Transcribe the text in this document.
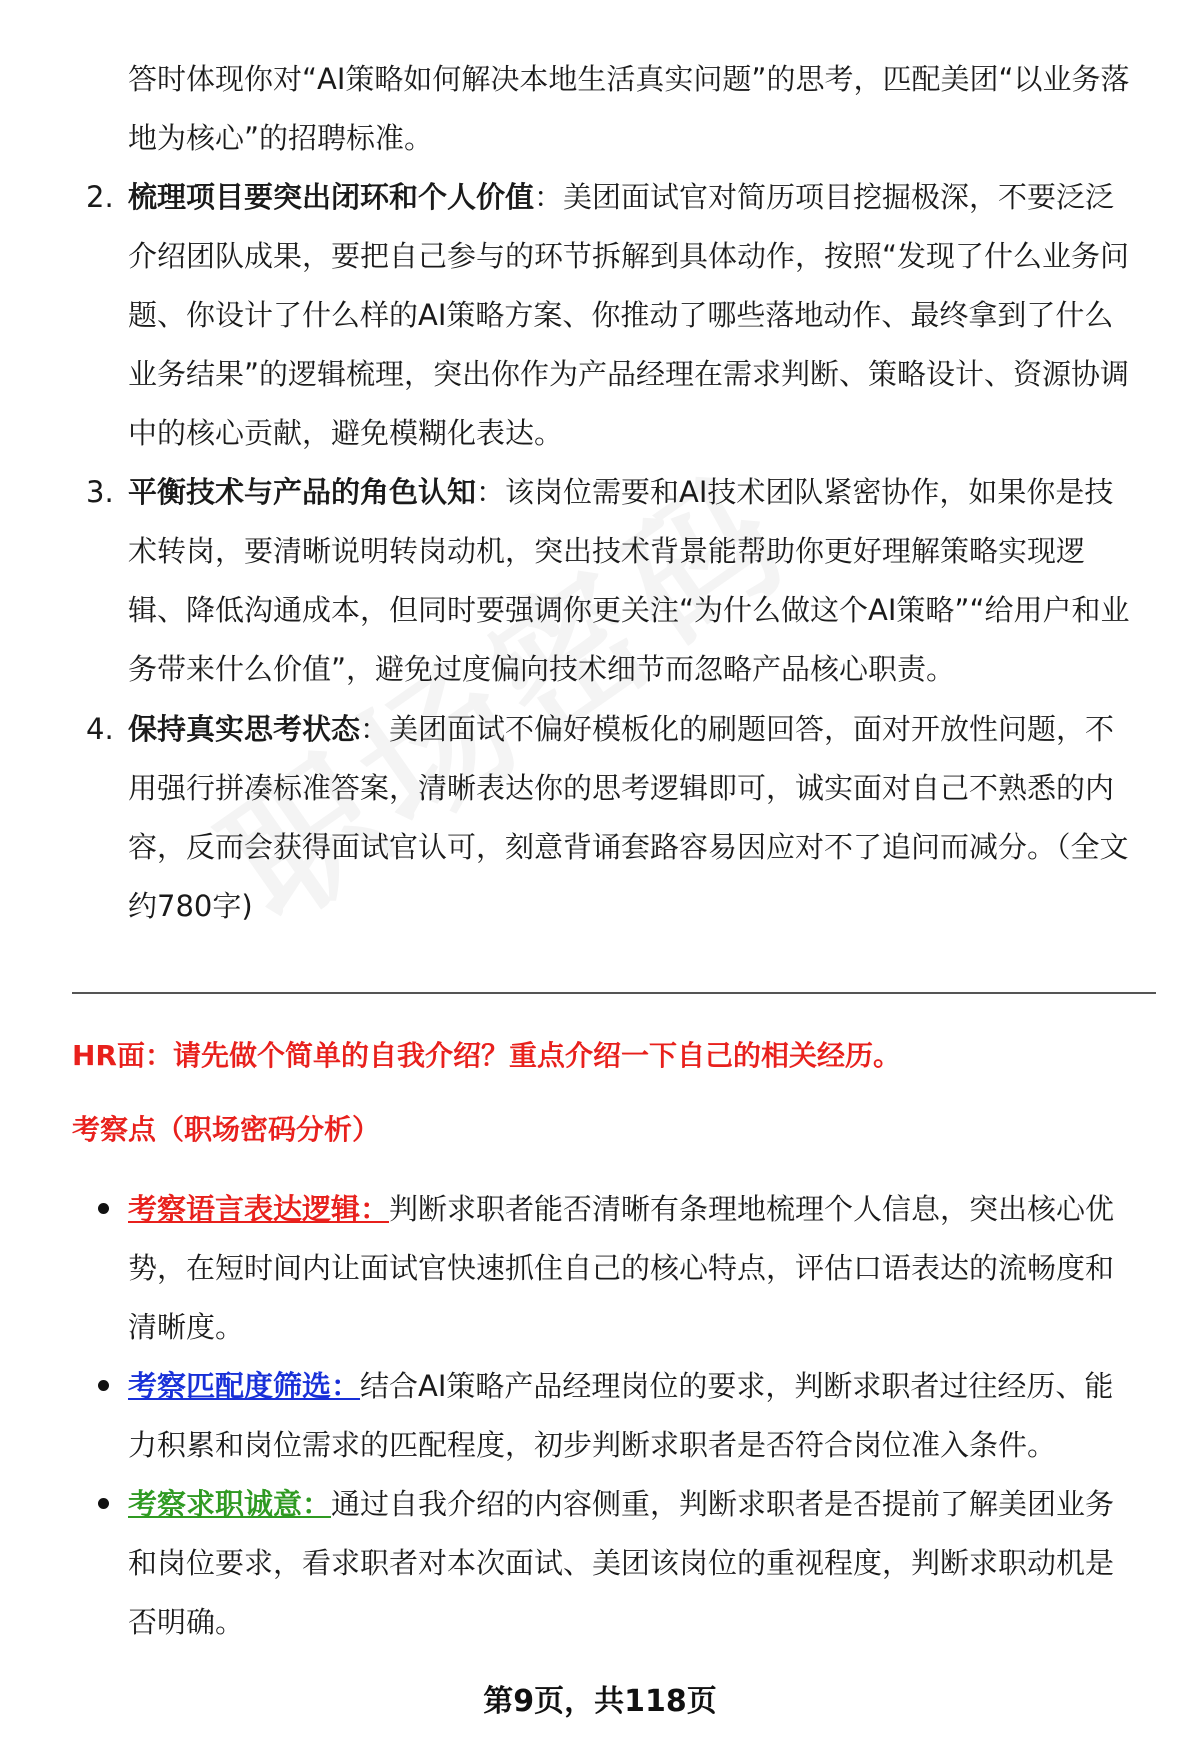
答时体现你对“AI策略如何解决本地生活真实问题”的思考，匹配美团“以业务落地为核心”的招聘标准。
2. 梳理项目要突出闭环和个人价值：美团面试官对简历项目挖掘极深，不要泛泛介绍团队成果，要把自己参与的环节拆解到具体动作，按照“发现了什么业务问题、你设计了什么样的AI策略方案、你推动了哪些落地动作、最终拿到了什么业务结果”的逻辑梳理，突出你作为产品经理在需求判断、策略设计、资源协调中的核心贡献，避免模糊化表达。
3. 平衡技术与产品的角色认知：该岗位需要和AI技术团队紧密协作，如果你是技术转岗，要清晰说明转岗动机，突出技术背景能帮助你更好理解策略实现逻辑、降低沟通成本，但同时要强调你更关注“为什么做这个AI策略”“给用户和业务带来什么价值”，避免过度偏向技术细节而忽略产品核心职责。
4. 保持真实思考状态：美团面试不偏好模板化的刷题回答，面对开放性问题，不用强行拼凑标准答案，清晰表达你的思考逻辑即可，诚实面对自己不熟悉的内容，反而会获得面试官认可，刻意背诵套路容易因应对不了追问而减分。（全文约780字)
HR面：请先做个简单的自我介绍？重点介绍一下自己的相关经历。
考察点（职场密码分析）
考察语言表达逻辑：判断求职者能否清晰有条理地梳理个人信息，突出核心优势，在短时间内让面试官快速抓住自己的核心特点，评估口语表达的流畅度和清晰度。
考察匹配度筛选：结合AI策略产品经理岗位的要求，判断求职者过往经历、能力积累和岗位需求的匹配程度，初步判断求职者是否符合岗位准入条件。
考察求职诚意：通过自我介绍的内容侧重，判断求职者是否提前了解美团业务和岗位要求，看求职者对本次面试、美团该岗位的重视程度，判断求职动机是否明确。
第9页，共118页
